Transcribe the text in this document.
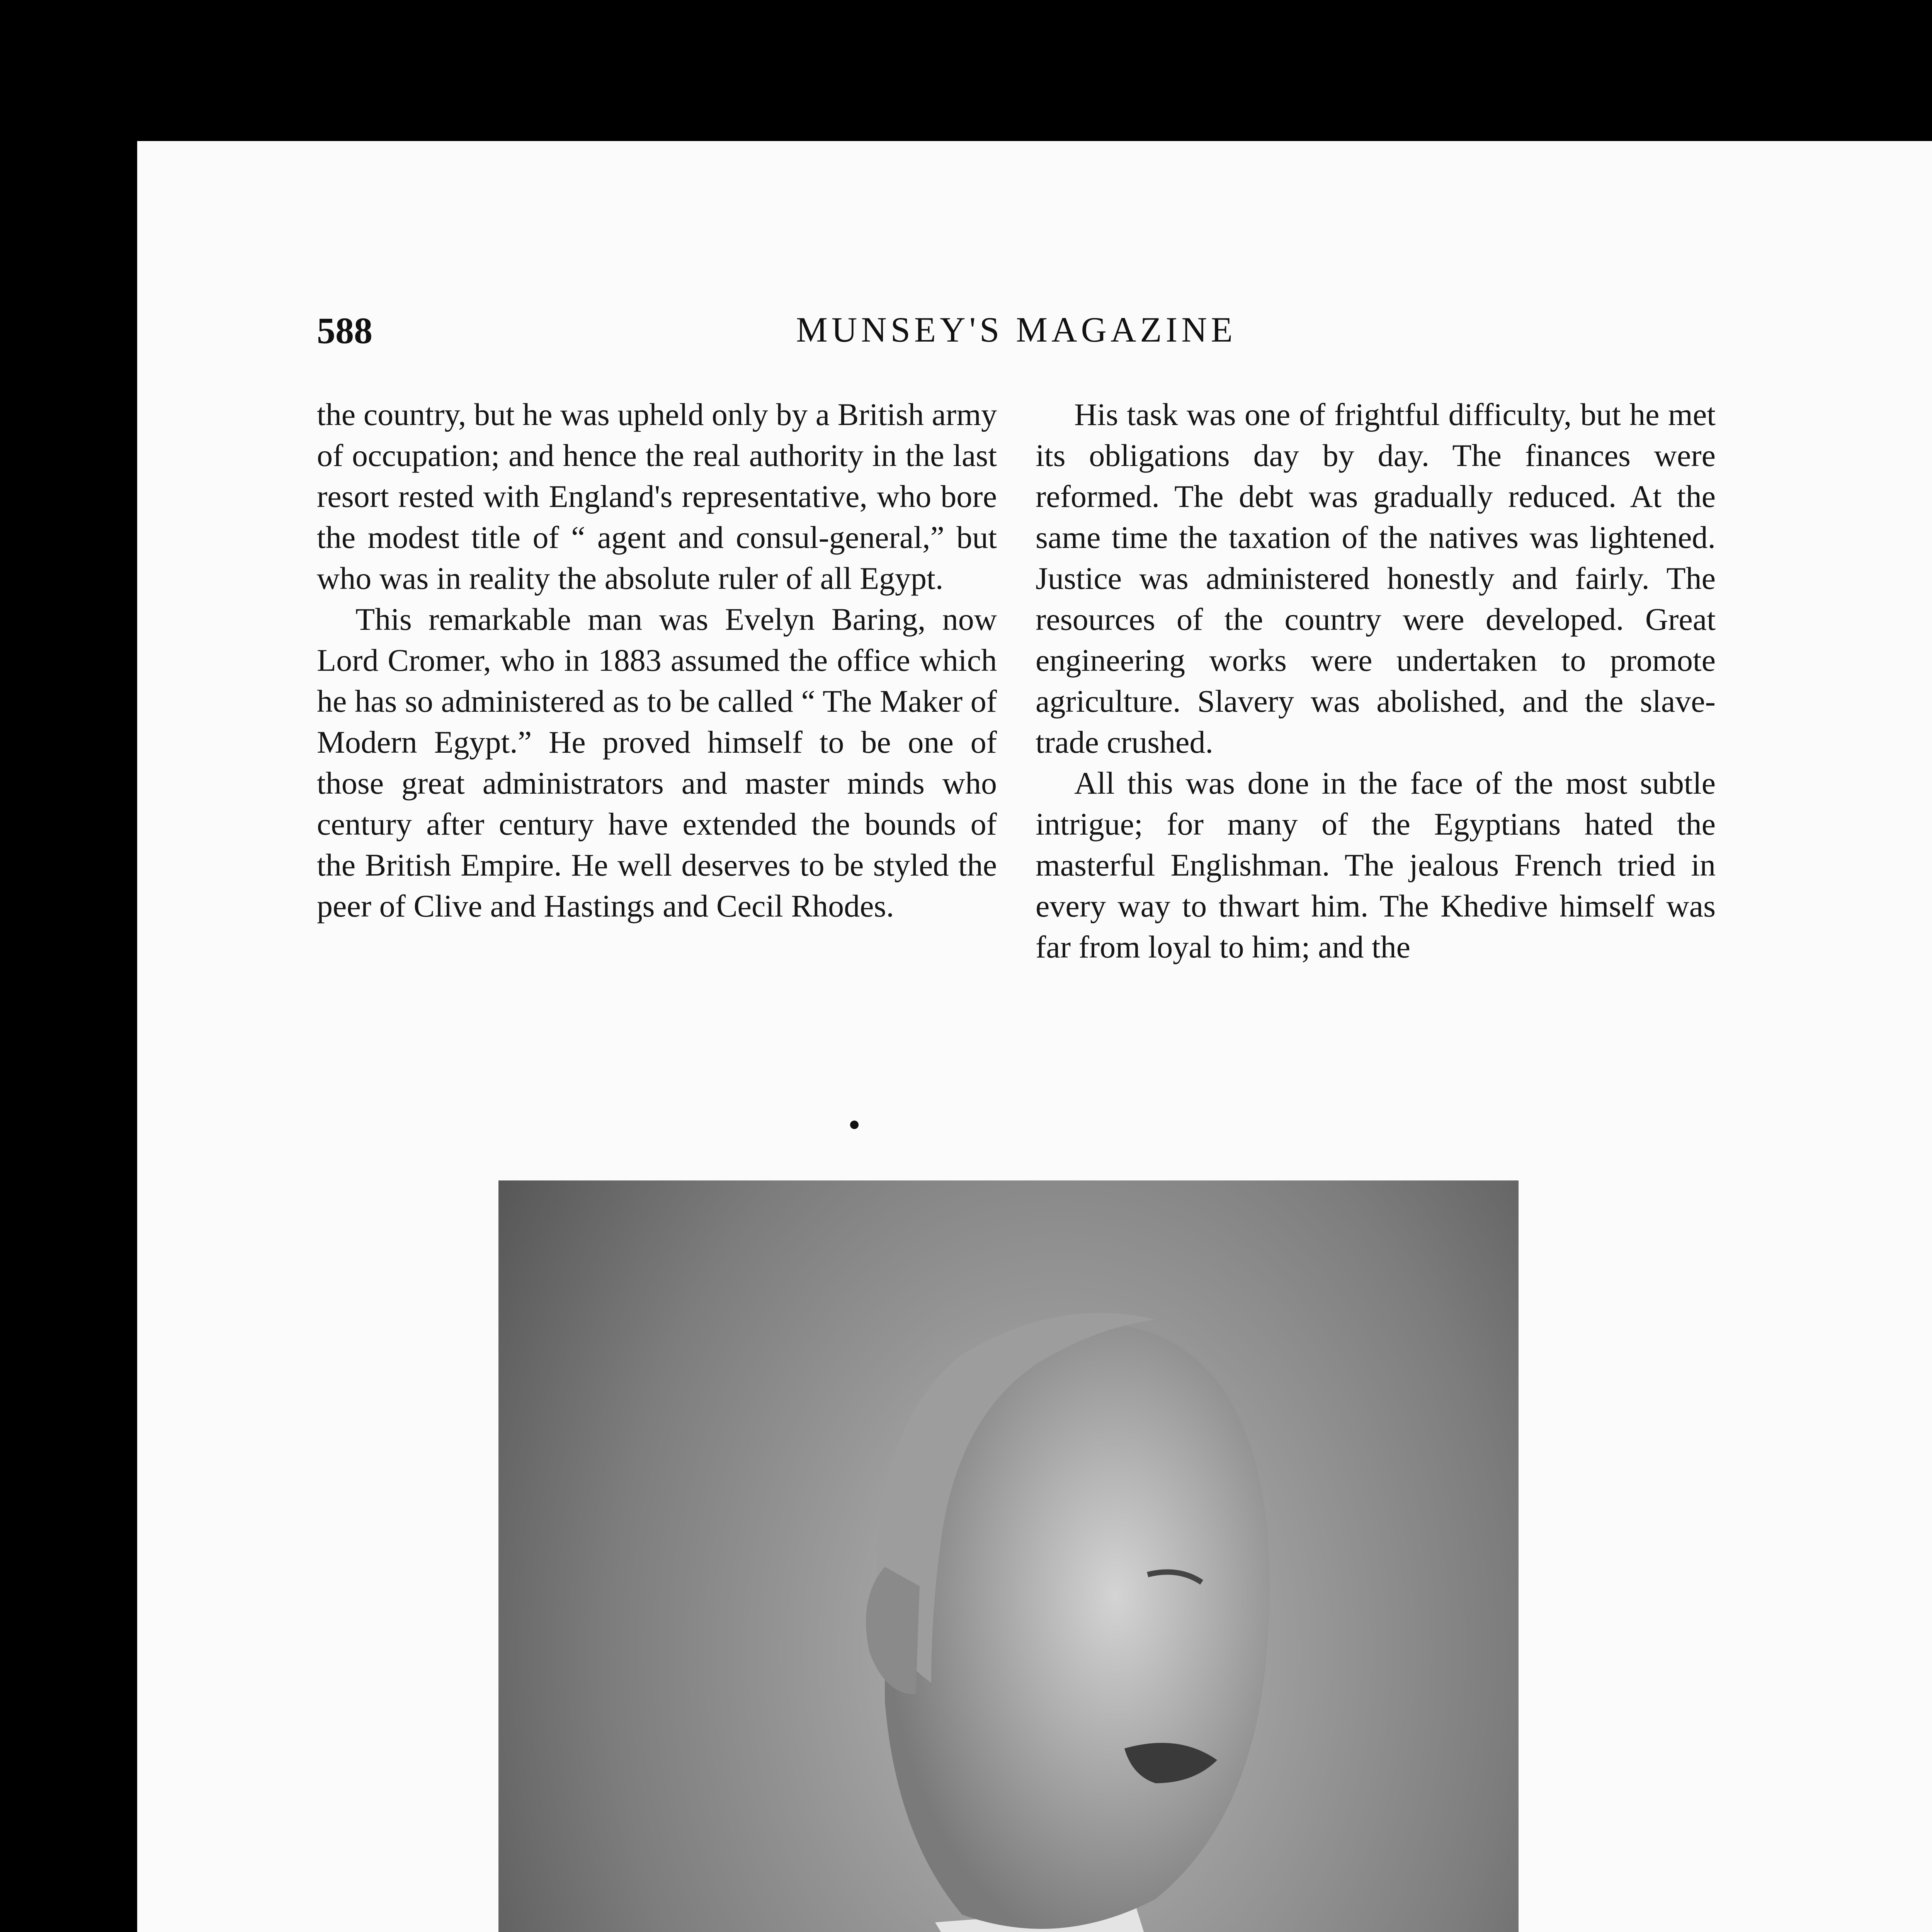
588	MUNSEY'S MAGAZINE

the country, but he was upheld only by a British army of occupation; and hence the real authority in the last resort rested with England's representative, who bore the modest title of “ agent and consul-general,” but who was in reality the absolute ruler of all Egypt.

This remarkable man was Evelyn Baring, now Lord Cromer, who in 1883 assumed the office which he has so administered as to be called “ The Maker of Modern Egypt.” He proved himself to be one of those great administrators and master minds who century after century have extended the bounds of the British Empire. He well deserves to be styled the peer of Clive and Hastings and Cecil Rhodes.

His task was one of frightful difficulty, but he met its obligations day by day. The finances were reformed. The debt was gradually reduced. At the same time the taxation of the natives was lightened. Justice was administered honestly and fairly. The resources of the country were developed. Great engineering works were undertaken to promote agriculture. Slavery was abolished, and the slave-trade crushed.

All this was done in the face of the most subtle intrigue; for many of the Egyptians hated the masterful Englishman. The jealous French tried in every way to thwart him. The Khedive himself was far from loyal to him; and the
